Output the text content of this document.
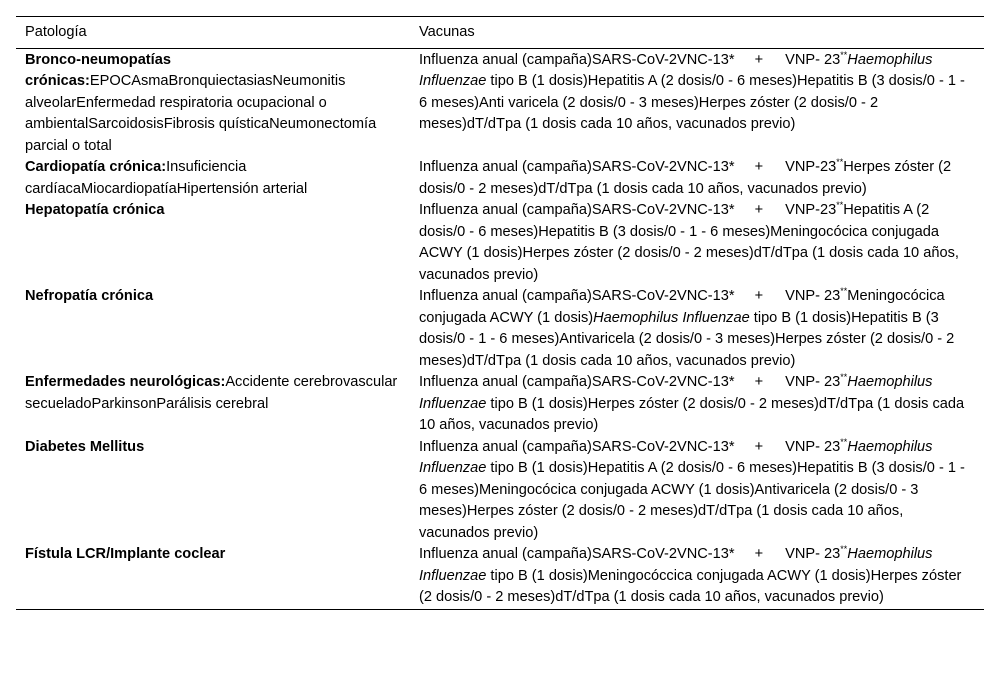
Patología	Vacunas
Bronco-neumopatías crónicas:EPOCAsmaBronquiectasiasNeumonitis alveolarEnfermedad respiratoria ocupacional o ambientalSarcoidosisFibrosis quísticaNeumonectomía parcial o total	Influenza anual (campaña)SARS-CoV-2VNC-13* + VNP- 23**Haemophilus Influenzae tipo B (1 dosis)Hepatitis A (2 dosis/0 - 6 meses)Hepatitis B (3 dosis/0 - 1 - 6 meses)Anti varicela (2 dosis/0 - 3 meses)Herpes zóster (2 dosis/0 - 2 meses)dT/dTpa (1 dosis cada 10 años, vacunados previo)
Cardiopatía crónica:Insuficiencia cardíacaMiocardiopatíaHipertensión arterial	Influenza anual (campaña)SARS-CoV-2VNC-13* + VNP-23**Herpes zóster (2 dosis/0 - 2 meses)dT/dTpa (1 dosis cada 10 años, vacunados previo)
Hepatopatía crónica	Influenza anual (campaña)SARS-CoV-2VNC-13* + VNP-23**Hepatitis A (2 dosis/0 - 6 meses)Hepatitis B (3 dosis/0 - 1 - 6 meses)Meningocócica conjugada ACWY (1 dosis)Herpes zóster (2 dosis/0 - 2 meses)dT/dTpa (1 dosis cada 10 años, vacunados previo)
Nefropatía crónica	Influenza anual (campaña)SARS-CoV-2VNC-13* + VNP- 23**Meningocócica conjugada ACWY (1 dosis)Haemophilus Influenzae tipo B (1 dosis)Hepatitis B (3 dosis/0 - 1 - 6 meses)Antivaricela (2 dosis/0 - 3 meses)Herpes zóster (2 dosis/0 - 2 meses)dT/dTpa (1 dosis cada 10 años, vacunados previo)
Enfermedades neurológicas:Accidente cerebrovascular secueladoParkinsonParálisis cerebral	Influenza anual (campaña)SARS-CoV-2VNC-13* + VNP- 23**Haemophilus Influenzae tipo B (1 dosis)Herpes zóster (2 dosis/0 - 2 meses)dT/dTpa (1 dosis cada 10 años, vacunados previo)
Diabetes Mellitus	Influenza anual (campaña)SARS-CoV-2VNC-13* + VNP- 23**Haemophilus Influenzae tipo B (1 dosis)Hepatitis A (2 dosis/0 - 6 meses)Hepatitis B (3 dosis/0 - 1 - 6 meses)Meningocócica conjugada ACWY (1 dosis)Antivaricela (2 dosis/0 - 3 meses)Herpes zóster (2 dosis/0 - 2 meses)dT/dTpa (1 dosis cada 10 años, vacunados previo)
Fístula LCR/Implante coclear	Influenza anual (campaña)SARS-CoV-2VNC-13* + VNP- 23**Haemophilus Influenzae tipo B (1 dosis)Meningocóccica conjugada ACWY (1 dosis)Herpes zóster (2 dosis/0 - 2 meses)dT/dTpa (1 dosis cada 10 años, vacunados previo)
